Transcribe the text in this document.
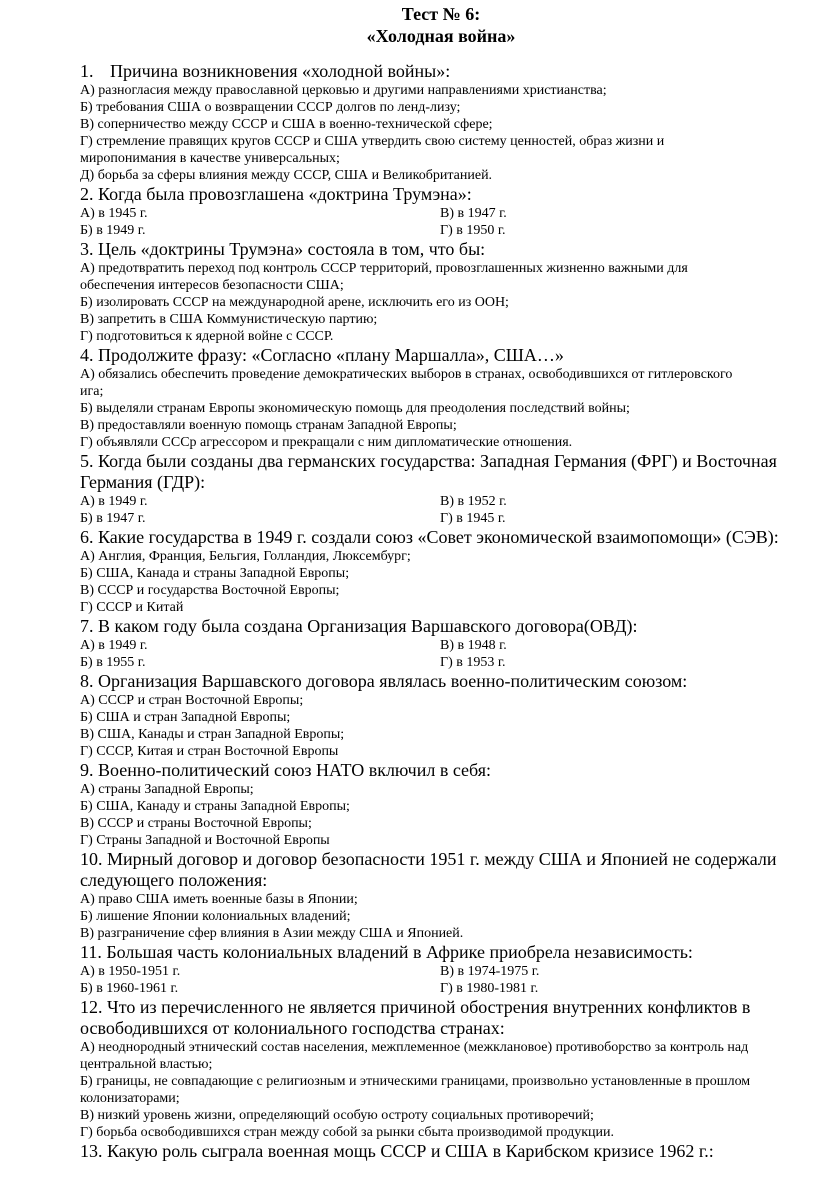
Тест № 6:
«Холодная война»

1. Причина возникновения «холодной войны»:

А) разногласия между православной церковью и другими направлениями христианства;

Б) требования США о возвращении СССР долгов по ленд-лизу;

В) соперничество между СССР и США в военно-технической сфере;

Г) стремление правящих кругов СССР и США утвердить свою систему ценностей, образ жизни и

миропонимания в качестве универсальных;

Д) борьба за сферы влияния между СССР, США и Великобританией.

2. Когда была провозглашена «доктрина Трумэна»:

А) в 1945 г.	В) в 1947 г.
Б) в 1949 г.	Г) в 1950 г.

3. Цель «доктрины Трумэна» состояла в том, что бы:

А) предотвратить переход под контроль СССР территорий, провозглашенных жизненно важными для

обеспечения интересов безопасности США;

Б) изолировать СССР на международной арене, исключить его из ООН;

В) запретить в США Коммунистическую партию;

Г) подготовиться к ядерной войне с СССР.

4. Продолжите фразу: «Согласно «плану Маршалла», США…»

А) обязались обеспечить проведение демократических выборов в странах, освободившихся от гитлеровского

ига;

Б) выделяли странам Европы экономическую помощь для преодоления последствий войны;

В) предоставляли военную помощь странам Западной Европы;

Г) объявляли СССр агрессором и прекращали с ним дипломатические отношения.

5. Когда были созданы два германских государства: Западная Германия (ФРГ) и Восточная

Германия (ГДР):

А) в 1949 г.	В) в 1952 г.
Б) в 1947 г.	Г) в 1945 г.

6. Какие государства в 1949 г. создали союз «Совет экономической взаимопомощи» (СЭВ):

А) Англия, Франция, Бельгия, Голландия, Люксембург;

Б) США, Канада и страны Западной Европы;

В) СССР и государства Восточной Европы;

Г) СССР и Китай

7. В каком году была создана Организация Варшавского договора(ОВД):

А) в 1949 г.	В) в 1948 г.
Б) в 1955 г.	Г) в 1953 г.

8. Организация Варшавского договора являлась военно-политическим союзом:

А) СССР и стран Восточной Европы;

Б) США и стран Западной Европы;

В) США, Канады и стран Западной Европы;

Г) СССР, Китая и стран Восточной Европы

9. Военно-политический союз НАТО включил в себя:

А) страны Западной Европы;

Б) США, Канаду и страны Западной Европы;

В) СССР и страны Восточной Европы;

Г) Страны Западной и Восточной Европы

10. Мирный договор и договор безопасности 1951 г. между США и Японией не содержали

следующего положения:

А) право США иметь военные базы в Японии;

Б) лишение Японии колониальных владений;

В) разграничение сфер влияния в Азии между США и Японией.

11. Большая часть колониальных владений в Африке приобрела независимость:

А) в 1950-1951 г.	В) в 1974-1975 г.
Б) в 1960-1961 г.	Г) в 1980-1981 г.

12. Что из перечисленного не является причиной обострения внутренних конфликтов в

освободившихся от колониального господства странах:

А) неоднородный этнический состав населения, межплеменное (межклановое) противоборство за контроль над

центральной властью;

Б) границы, не совпадающие с религиозным и этническими границами, произвольно установленные в прошлом

колонизаторами;

В) низкий уровень жизни, определяющий особую остроту социальных противоречий;

Г) борьба освободившихся стран между собой за рынки сбыта производимой продукции.

13. Какую роль сыграла военная мощь СССР и США в Карибском кризисе 1962 г.:
